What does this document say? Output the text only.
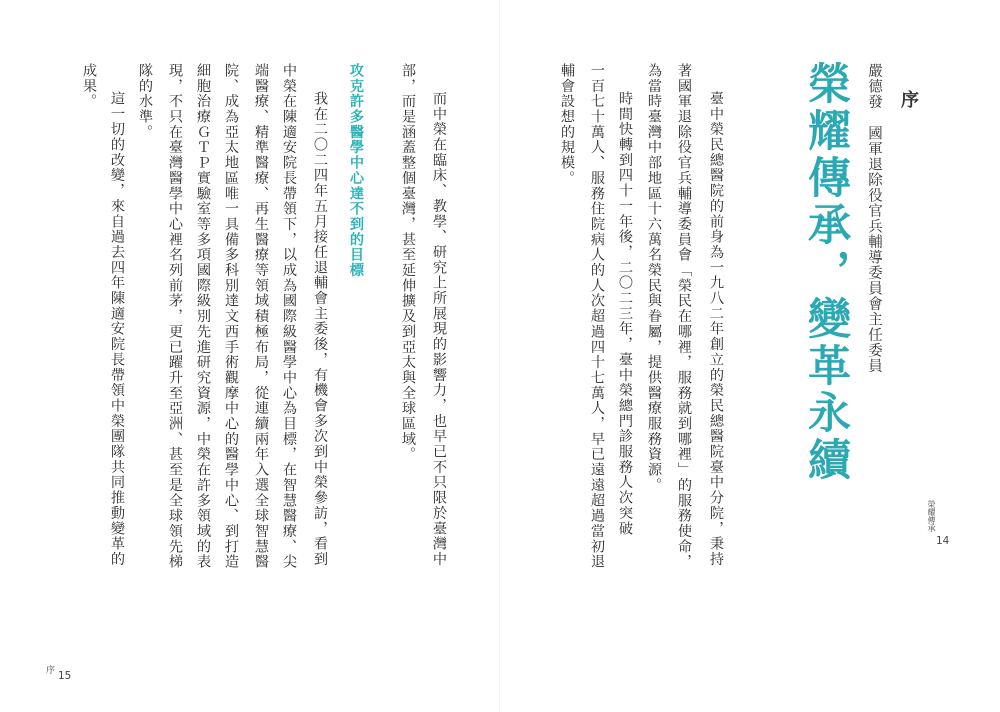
序
嚴德發國軍退除役官兵輔導委員會主任委員
榮耀傳承，變革永續
臺中榮民總醫院的前身為一九八二年創立的榮民總醫院臺中分院，秉持
著國軍退除役官兵輔導委員會「榮民在哪裡，服務就到哪裡」的服務使命，
為當時臺灣中部地區十六萬名榮民與眷屬，提供醫療服務資源。
時間快轉到四十一年後，二〇二三年，臺中榮總門診服務人次突破
一百七十萬人、服務住院病人的人次超過四十七萬人，早已遠遠超過當初退
輔會設想的規模。
榮耀傳承
14
而中榮在臨床、教學、研究上所展現的影響力，也早已不只限於臺灣中
部，而是涵蓋整個臺灣，甚至延伸擴及到亞太與全球區域。
攻克許多醫學中心達不到的目標
我在二〇二四年五月接任退輔會主委後，有機會多次到中榮參訪，看到
中榮在陳適安院長帶領下，以成為國際級醫學中心為目標，在智慧醫療、尖
端醫療、精準醫療、再生醫療等領域積極布局，從連續兩年入選全球智慧醫
院、成為亞太地區唯一具備多科別達文西手術觀摩中心的醫學中心、到打造
細胞治療ＧＴＰ實驗室等多項國際級別先進研究資源，中榮在許多領域的表
現，不只在臺灣醫學中心裡名列前茅，更已躍升至亞洲、甚至是全球領先梯
隊的水準。
這一切的改變，來自過去四年陳適安院長帶領中榮團隊共同推動變革的
成果。
序 15
